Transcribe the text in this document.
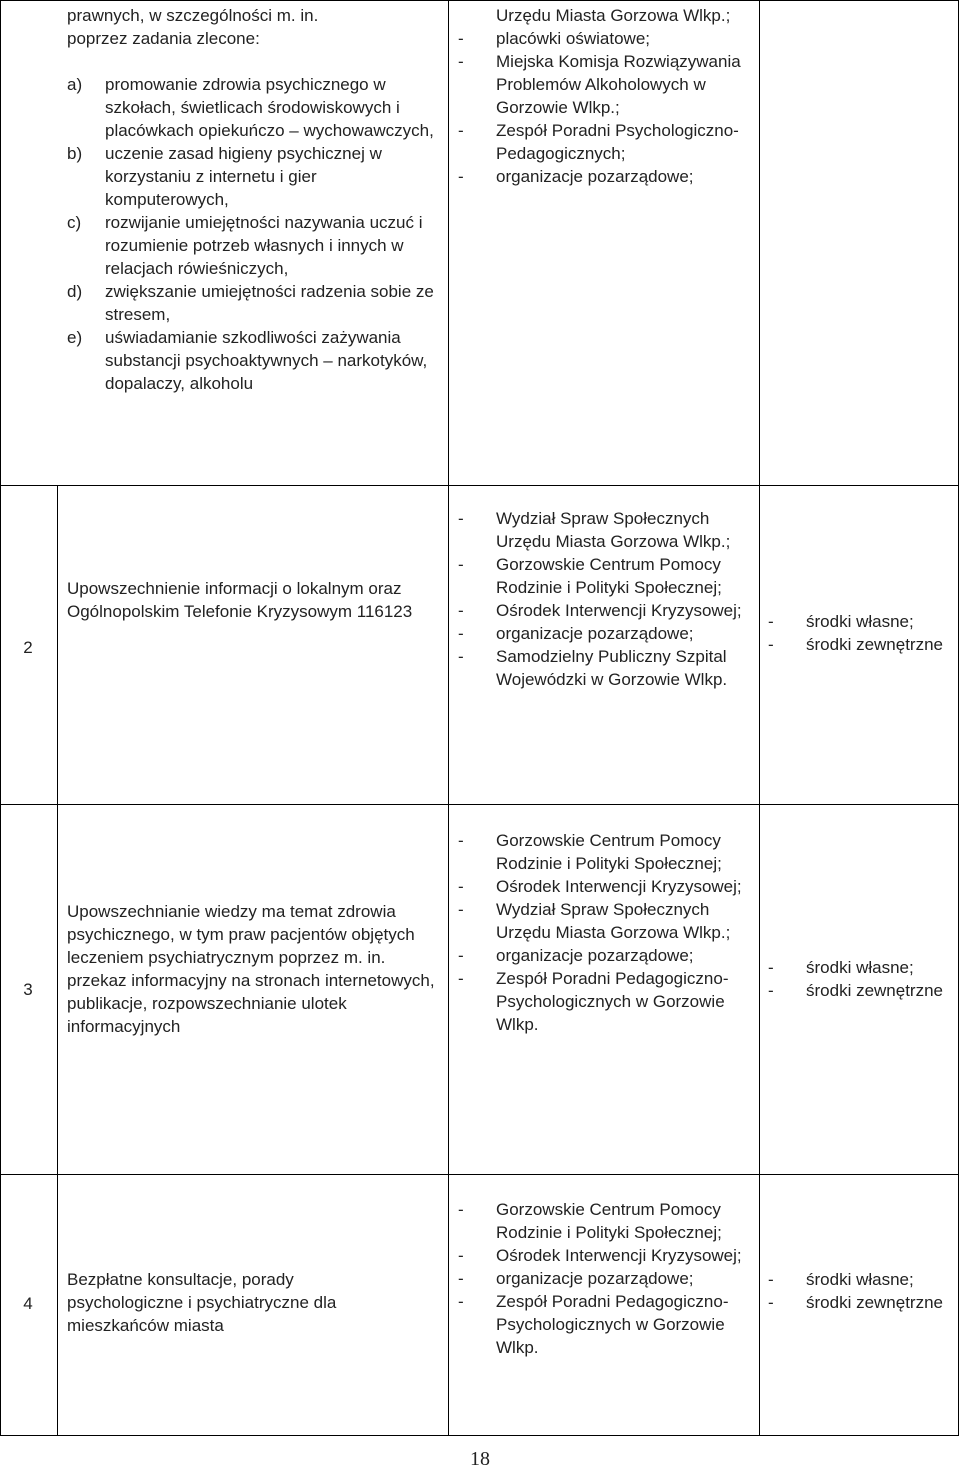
prawnych, w szczególności m. in.
poprzez zadania zlecone:
a) promowanie zdrowia psychicznego w szkołach, świetlicach środowiskowych i placówkach opiekuńczo – wychowawczych,
b) uczenie zasad higieny psychicznej w korzystaniu z internetu i gier komputerowych,
c) rozwijanie umiejętności nazywania uczuć i rozumienie potrzeb własnych i innych w relacjach rówieśniczych,
d) zwiększanie umiejętności radzenia sobie ze stresem,
e) uświadamianie szkodliwości zażywania substancji psychoaktywnych – narkotyków, dopalaczy, alkoholu
Urzędu Miasta Gorzowa Wlkp.;
- placówki oświatowe;
- Miejska Komisja Rozwiązywania Problemów Alkoholowych w Gorzowie Wlkp.;
- Zespół Poradni Psychologiczno-Pedagogicznych;
- organizacje pozarządowe;
2
Upowszechnienie informacji o lokalnym oraz Ogólnopolskim Telefonie Kryzysowym 116123
- Wydział Spraw Społecznych Urzędu Miasta Gorzowa Wlkp.;
- Gorzowskie Centrum Pomocy Rodzinie i Polityki Społecznej;
- Ośrodek Interwencji Kryzysowej;
- organizacje pozarządowe;
- Samodzielny Publiczny Szpital Wojewódzki w Gorzowie Wlkp.
- środki własne;
- środki zewnętrzne
3
Upowszechnianie wiedzy ma temat zdrowia psychicznego, w tym praw pacjentów objętych leczeniem psychiatrycznym poprzez m. in. przekaz informacyjny na stronach internetowych, publikacje, rozpowszechnianie ulotek informacyjnych
- Gorzowskie Centrum Pomocy Rodzinie i Polityki Społecznej;
- Ośrodek Interwencji Kryzysowej;
- Wydział Spraw Społecznych Urzędu Miasta Gorzowa Wlkp.;
- organizacje pozarządowe;
- Zespół Poradni Pedagogiczno-Psychologicznych w Gorzowie Wlkp.
- środki własne;
- środki zewnętrzne
4
Bezpłatne konsultacje, porady psychologiczne i psychiatryczne dla mieszkańców miasta
- Gorzowskie Centrum Pomocy Rodzinie i Polityki Społecznej;
- Ośrodek Interwencji Kryzysowej;
- organizacje pozarządowe;
- Zespół Poradni Pedagogiczno-Psychologicznych w Gorzowie Wlkp.
- środki własne;
- środki zewnętrzne
18
